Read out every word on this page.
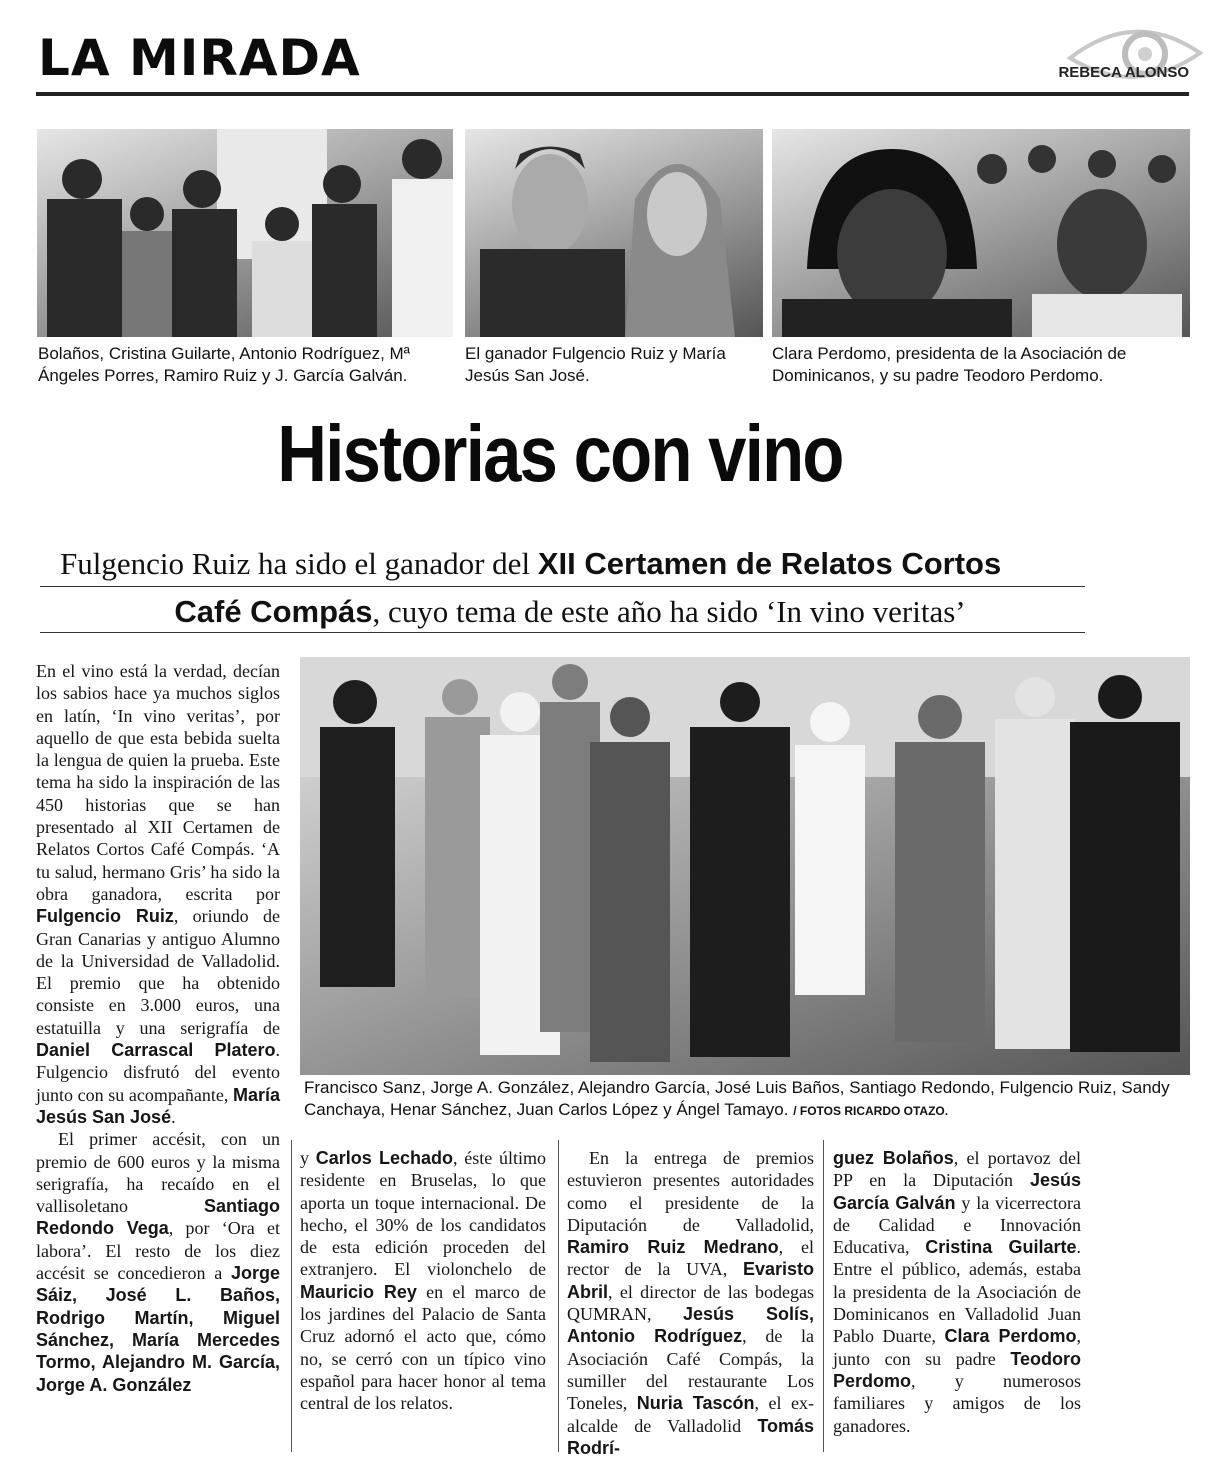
LA MIRADA	REBECA ALONSO
Bolaños, Cristina Guilarte, Antonio Rodríguez, Mª Ángeles Porres, Ramiro Ruiz y J. García Galván.
El ganador Fulgencio Ruiz y María Jesús San José.
Clara Perdomo, presidenta de la Asociación de Dominicanos, y su padre Teodoro Perdomo.
Historias con vino
Fulgencio Ruiz ha sido el ganador del XII Certamen de Relatos Cortos
Café Compás, cuyo tema de este año ha sido ‘In vino veritas’
Francisco Sanz, Jorge A. González, Alejandro García, José Luis Baños, Santiago Redondo, Fulgencio Ruiz, Sandy Canchaya, Henar Sánchez, Juan Carlos López y Ángel Tamayo. / FOTOS RICARDO OTAZO.

En el vino está la verdad, decían los sabios hace ya muchos siglos en latín, ‘In vino veritas’, por aquello de que esta bebida suelta la lengua de quien la prueba. Este tema ha sido la inspiración de las 450 historias que se han presentado al XII Certamen de Relatos Cortos Café Compás. ‘A tu salud, hermano Gris’ ha sido la obra ganadora, escrita por Fulgencio Ruiz, oriundo de Gran Canarias y antiguo Alumno de la Universidad de Valladolid. El premio que ha obtenido consiste en 3.000 euros, una estatuilla y una serigrafía de Daniel Carrascal Platero. Fulgencio disfrutó del evento junto con su acompañante, María Jesús San José.

El primer accésit, con un premio de 600 euros y la misma serigrafía, ha recaído en el vallisoletano Santiago Redondo Vega, por ‘Ora et labora’. El resto de los diez accésit se concedieron a Jorge Sáiz, José L. Baños, Rodrigo Martín, Miguel Sánchez, María Mercedes Tormo, Alejandro M. García, Jorge A. González

y Carlos Lechado, éste último residente en Bruselas, lo que aporta un toque internacional. De hecho, el 30% de los candidatos de esta edición proceden del extranjero. El violonchelo de Mauricio Rey en el marco de los jardines del Palacio de Santa Cruz adornó el acto que, cómo no, se cerró con un típico vino español para hacer honor al tema central de los relatos.

En la entrega de premios estuvieron presentes autoridades como el presidente de la Diputación de Valladolid, Ramiro Ruiz Medrano, el rector de la UVA, Evaristo Abril, el director de las bodegas QUMRAN, Jesús Solís, Antonio Rodríguez, de la Asociación Café Compás, la sumiller del restaurante Los Toneles, Nuria Tascón, el ex-alcalde de Valladolid Tomás Rodrí-

guez Bolaños, el portavoz del PP en la Diputación Jesús García Galván y la vicerrectora de Calidad e Innovación Educativa, Cristina Guilarte. Entre el público, además, estaba la presidenta de la Asociación de Dominicanos en Valladolid Juan Pablo Duarte, Clara Perdomo, junto con su padre Teodoro Perdomo, y numerosos familiares y amigos de los ganadores.
